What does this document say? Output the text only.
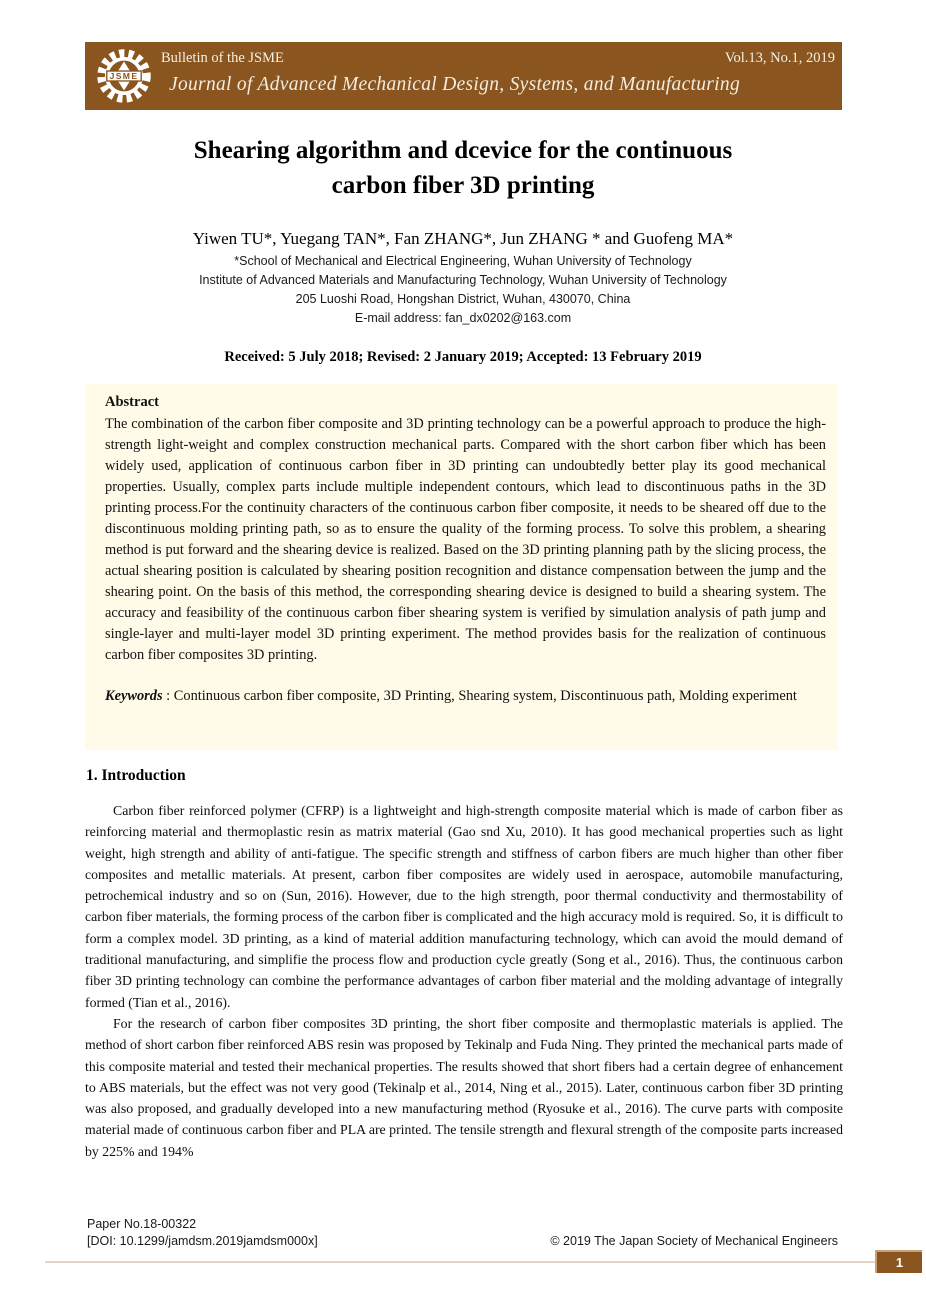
JSME
Bulletin of the JSME	Vol.13, No.1, 2019
Journal of Advanced Mechanical Design, Systems, and Manufacturing
Shearing algorithm and dcevice for the continuous
carbon fiber 3D printing
Yiwen TU*, Yuegang TAN*, Fan ZHANG*, Jun ZHANG * and Guofeng MA*
*School of Mechanical and Electrical Engineering, Wuhan University of Technology
Institute of Advanced Materials and Manufacturing Technology, Wuhan University of Technology
205 Luoshi Road, Hongshan District, Wuhan, 430070, China
E-mail address: fan_dx0202@163.com
Received: 5 July 2018; Revised: 2 January 2019; Accepted: 13 February 2019

Abstract

The combination of the carbon fiber composite and 3D printing technology can be a powerful approach to produce the high-strength light-weight and complex construction mechanical parts. Compared with the short carbon fiber which has been widely used, application of continuous carbon fiber in 3D printing can undoubtedly better play its good mechanical properties. Usually, complex parts include multiple independent contours, which lead to discontinuous paths in the 3D printing process.For the continuity characters of the continuous carbon fiber composite, it needs to be sheared off due to the discontinuous molding printing path, so as to ensure the quality of the forming process. To solve this problem, a shearing method is put forward and the shearing device is realized. Based on the 3D printing planning path by the slicing process, the actual shearing position is calculated by shearing position recognition and distance compensation between the jump and the shearing point. On the basis of this method, the corresponding shearing device is designed to build a shearing system. The accuracy and feasibility of the continuous carbon fiber shearing system is verified by simulation analysis of path jump and single-layer and multi-layer model 3D printing experiment. The method provides basis for the realization of continuous carbon fiber composites 3D printing.

Keywords : Continuous carbon fiber composite, 3D Printing, Shearing system, Discontinuous path, Molding experiment

1. Introduction

Carbon fiber reinforced polymer (CFRP) is a lightweight and high-strength composite material which is made of carbon fiber as reinforcing material and thermoplastic resin as matrix material (Gao snd Xu, 2010). It has good mechanical properties such as light weight, high strength and ability of anti-fatigue. The specific strength and stiffness of carbon fibers are much higher than other fiber composites and metallic materials. At present, carbon fiber composites are widely used in aerospace, automobile manufacturing, petrochemical industry and so on (Sun, 2016). However, due to the high strength, poor thermal conductivity and thermostability of carbon fiber materials, the forming process of the carbon fiber is complicated and the high accuracy mold is required. So, it is difficult to form a complex model. 3D printing, as a kind of material addition manufacturing technology, which can avoid the mould demand of traditional manufacturing, and simplifie the process flow and production cycle greatly (Song et al., 2016). Thus, the continuous carbon fiber 3D printing technology can combine the performance advantages of carbon fiber material and the molding advantage of integrally formed (Tian et al., 2016).

For the research of carbon fiber composites 3D printing, the short fiber composite and thermoplastic materials is applied. The method of short carbon fiber reinforced ABS resin was proposed by Tekinalp and Fuda Ning. They printed the mechanical parts made of this composite material and tested their mechanical properties. The results showed that short fibers had a certain degree of enhancement to ABS materials, but the effect was not very good (Tekinalp et al., 2014, Ning et al., 2015). Later, continuous carbon fiber 3D printing was also proposed, and gradually developed into a new manufacturing method (Ryosuke et al., 2016). The curve parts with composite material made of continuous carbon fiber and PLA are printed. The tensile strength and flexural strength of the composite parts increased by 225% and 194%

Paper No.18-00322
[DOI: 10.1299/jamdsm.2019jamdsm000x]	© 2019 The Japan Society of Mechanical Engineers
1
